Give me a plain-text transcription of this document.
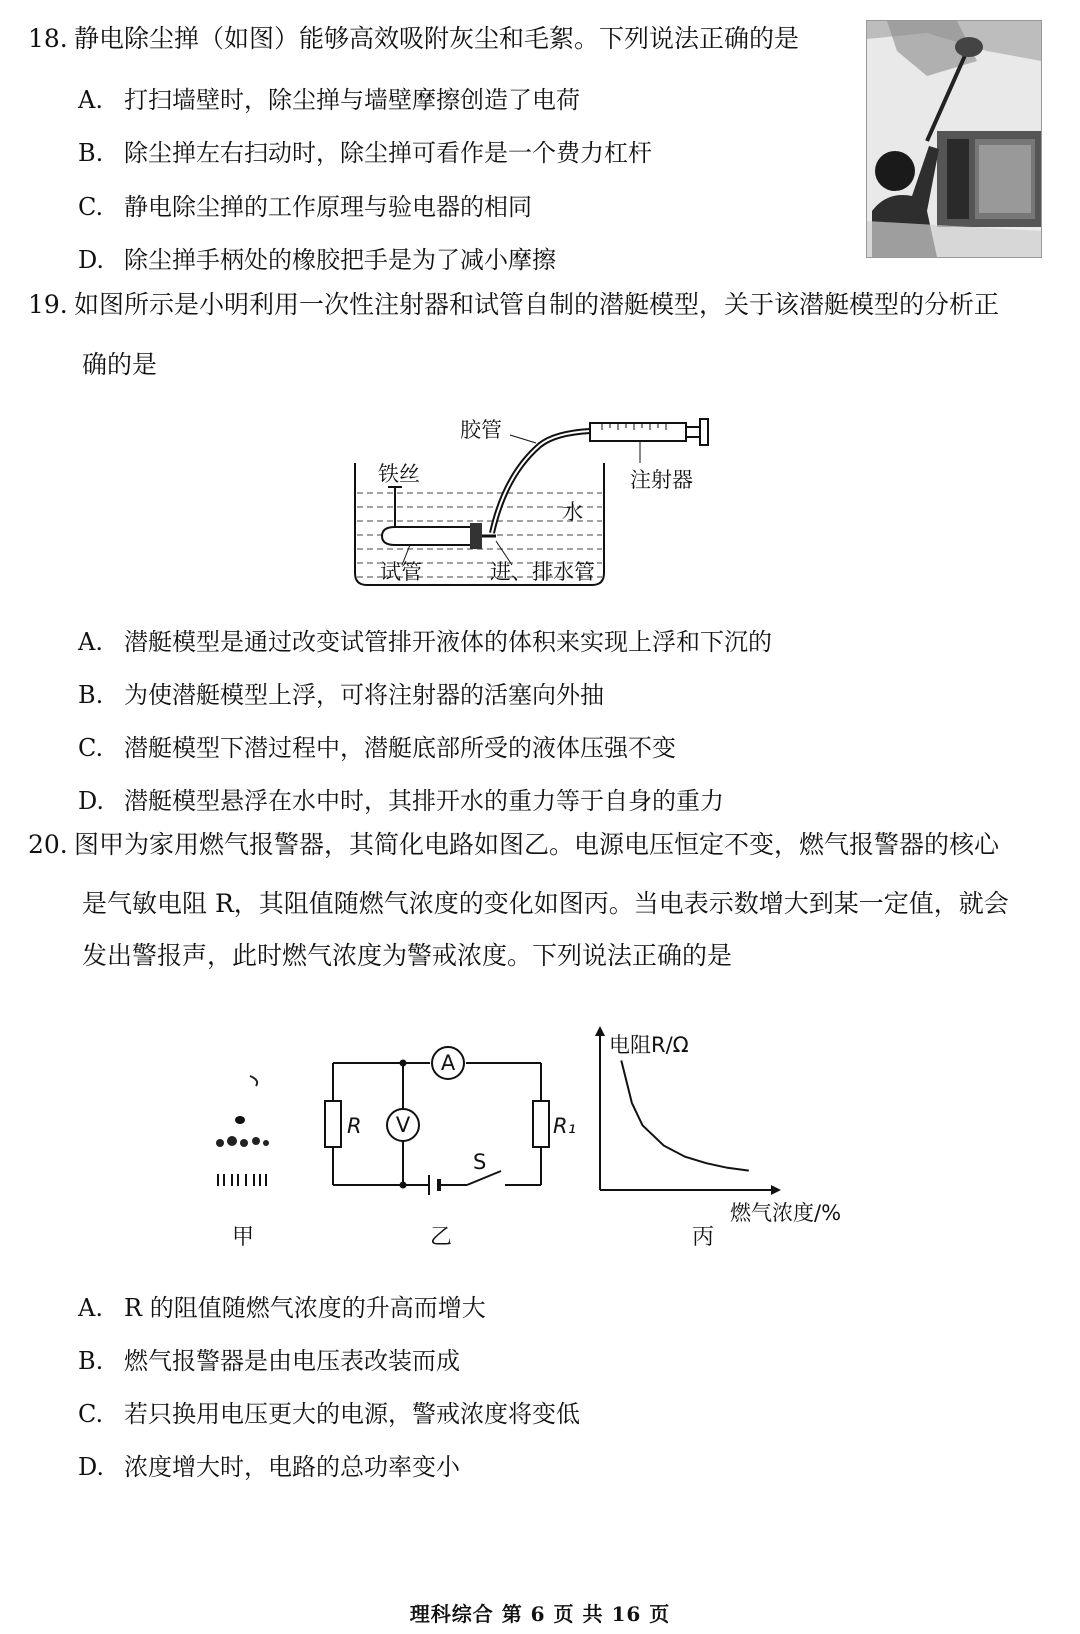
18. 静电除尘掸（如图）能够高效吸附灰尘和毛絮。下列说法正确的是
A. 打扫墙壁时，除尘掸与墙壁摩擦创造了电荷
B. 除尘掸左右扫动时，除尘掸可看作是一个费力杠杆
C. 静电除尘掸的工作原理与验电器的相同
D. 除尘掸手柄处的橡胶把手是为了减小摩擦
19. 如图所示是小明利用一次性注射器和试管自制的潜艇模型，关于该潜艇模型的分析正
确的是
胶管
注射器
铁丝
水
试管	进、排水管
A. 潜艇模型是通过改变试管排开液体的体积来实现上浮和下沉的
B. 为使潜艇模型上浮，可将注射器的活塞向外抽
C. 潜艇模型下潜过程中，潜艇底部所受的液体压强不变
D. 潜艇模型悬浮在水中时，其排开水的重力等于自身的重力
20. 图甲为家用燃气报警器，其简化电路如图乙。电源电压恒定不变，燃气报警器的核心
是气敏电阻 R，其阻值随燃气浓度的变化如图丙。当电表示数增大到某一定值，就会
发出警报声，此时燃气浓度为警戒浓度。下列说法正确的是
甲
A
V
R	R₁
S
乙
电阻R/Ω
燃气浓度/%
丙
A. R 的阻值随燃气浓度的升高而增大
B. 燃气报警器是由电压表改装而成
C. 若只换用电压更大的电源，警戒浓度将变低
D. 浓度增大时，电路的总功率变小
理科综合 第 6 页 共 16 页
